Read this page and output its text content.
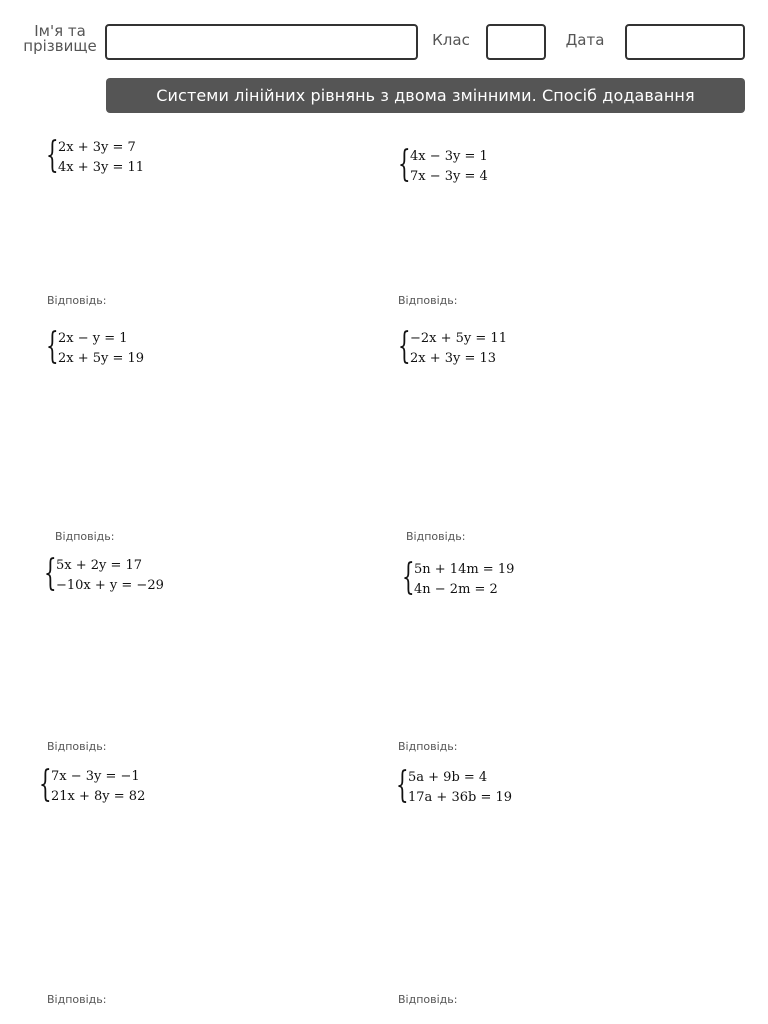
Ім'я та
прізвище	Клас	Дата
Системи лінійних рівнянь з двома змінними. Спосіб додавання
{ 2x + 3y = 7
4x + 3y = 11
Відповідь:
{ 4x − 3y = 1
7x − 3y = 4
Відповідь:
{ 2x − y = 1
2x + 5y = 19
Відповідь:
{ −2x + 5y = 11
2x + 3y = 13
Відповідь:
{ 5x + 2y = 17
−10x + y = −29
Відповідь:
{ 5n + 14m = 19
4n − 2m = 2
Відповідь:
{ 7x − 3y = −1
21x + 8y = 82
Відповідь:
{ 5a + 9b = 4
17a + 36b = 19
Відповідь:
